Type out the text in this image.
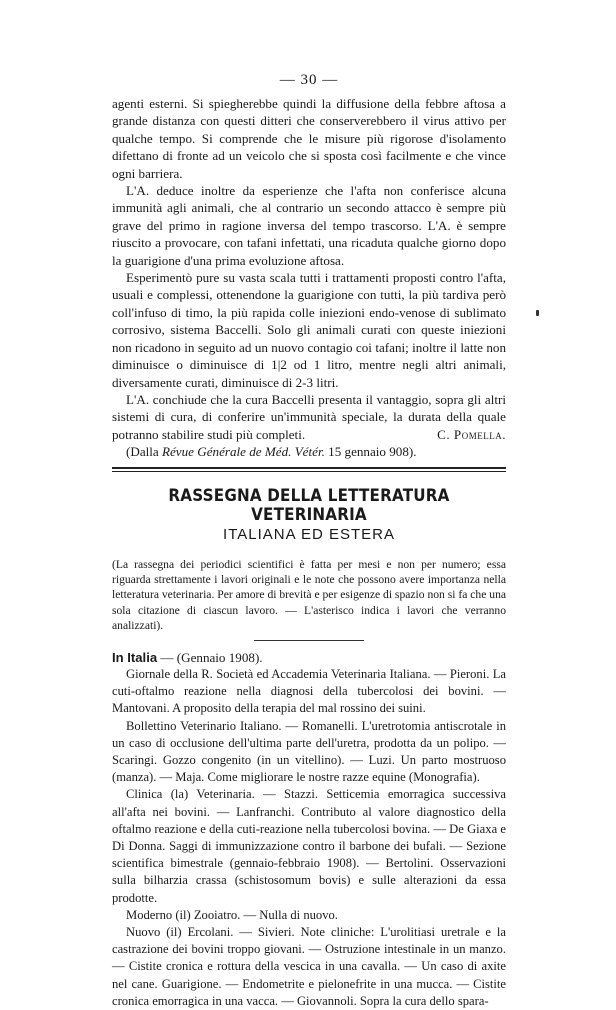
— 30 —

agenti esterni. Si spiegherebbe quindi la diffusione della febbre aftosa a grande distanza con questi ditteri che conserverebbero il virus attivo per qualche tempo. Si comprende che le misure più rigorose d'isolamento difettano di fronte ad un veicolo che si sposta così facilmente e che vince ogni barriera.

L'A. deduce inoltre da esperienze che l'afta non conferisce alcuna immunità agli animali, che al contrario un secondo attacco è sempre più grave del primo in ragione inversa del tempo trascorso. L'A. è sempre riuscito a provocare, con tafani infettati, una ricaduta qualche giorno dopo la guarigione d'una prima evoluzione aftosa.

Esperimentò pure su vasta scala tutti i trattamenti proposti contro l'afta, usuali e complessi, ottenendone la guarigione con tutti, la più tardiva però coll'infuso di timo, la più rapida colle iniezioni endo-venose di sublimato corrosivo, sistema Baccelli. Solo gli animali curati con queste iniezioni non ricadono in seguito ad un nuovo contagio coi tafani; inoltre il latte non diminuisce o diminuisce di 1|2 od 1 litro, mentre negli altri animali, diversamente curati, diminuisce di 2-3 litri.

L'A. conchiude che la cura Baccelli presenta il vantaggio, sopra gli altri sistemi di cura, di conferire un'immunità speciale, la durata della quale potranno stabilire studi più completi.	C. Pomella.

(Dalla Révue Générale de Méd. Vétér. 15 gennaio 908).

RASSEGNA DELLA LETTERATURA VETERINARIA
ITALIANA ED ESTERA

(La rassegna dei periodici scientifici è fatta per mesi e non per numero; essa riguarda strettamente i lavori originali e le note che possono avere importanza nella letteratura veterinaria. Per amore di brevità e per esigenze di spazio non si fa che una sola citazione di ciascun lavoro. — L'asterisco indica i lavori che verranno analizzati).

In Italia — (Gennaio 1908).

Giornale della R. Società ed Accademia Veterinaria Italiana. — Pieroni. La cuti-oftalmo reazione nella diagnosi della tubercolosi dei bovini. — Mantovani. A proposito della terapia del mal rossino dei suini.

Bollettino Veterinario Italiano. — Romanelli. L'uretrotomia antiscrotale in un caso di occlusione dell'ultima parte dell'uretra, prodotta da un polipo. — Scaringi. Gozzo congenito (in un vitellino). — Luzi. Un parto mostruoso (manza). — Maja. Come migliorare le nostre razze equine (Monografia).

Clinica (la) Veterinaria. — Stazzi. Setticemia emorragica successiva all'afta nei bovini. — Lanfranchi. Contributo al valore diagnostico della oftalmo reazione e della cuti-reazione nella tubercolosi bovina. — De Giaxa e Di Donna. Saggi di immunizzazione contro il barbone dei bufali. — Sezione scientifica bimestrale (gennaio-febbraio 1908). — Bertolini. Osservazioni sulla bilharzia crassa (schistosomum bovis) e sulle alterazioni da essa prodotte.

Moderno (il) Zooiatro. — Nulla di nuovo.

Nuovo (il) Ercolani. — Sivieri. Note cliniche: L'urolitiasi uretrale e la castrazione dei bovini troppo giovani. — Ostruzione intestinale in un manzo. — Cistite cronica e rottura della vescica in una cavalla. — Un caso di axite nel cane. Guarigione. — Endometrite e pielonefrite in una mucca. — Cistite cronica emorragica in una vacca. — Giovannoli. Sopra la cura dello spara-
